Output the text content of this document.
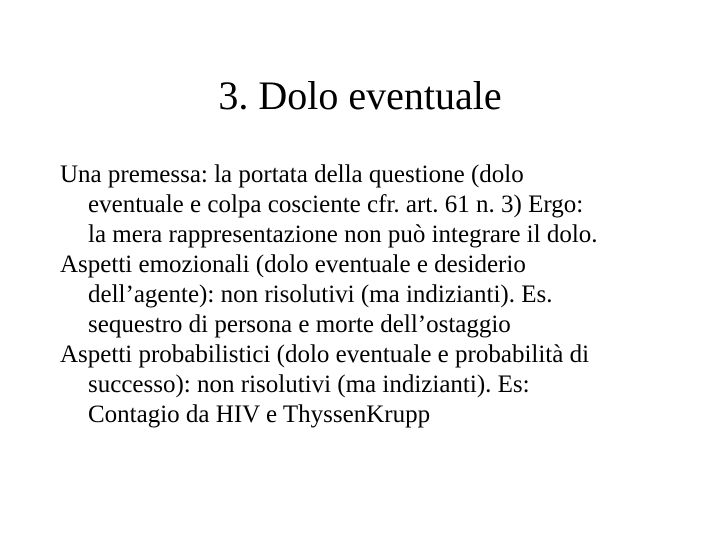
3. Dolo eventuale

Una premessa: la portata della questione (dolo
eventuale e colpa cosciente cfr. art. 61 n. 3) Ergo:
la mera rappresentazione non può integrare il dolo.

Aspetti emozionali (dolo eventuale e desiderio
dell’agente): non risolutivi (ma indizianti). Es.
sequestro di persona e morte dell’ostaggio

Aspetti probabilistici (dolo eventuale e probabilità di
successo): non risolutivi (ma indizianti). Es:
Contagio da HIV e ThyssenKrupp
